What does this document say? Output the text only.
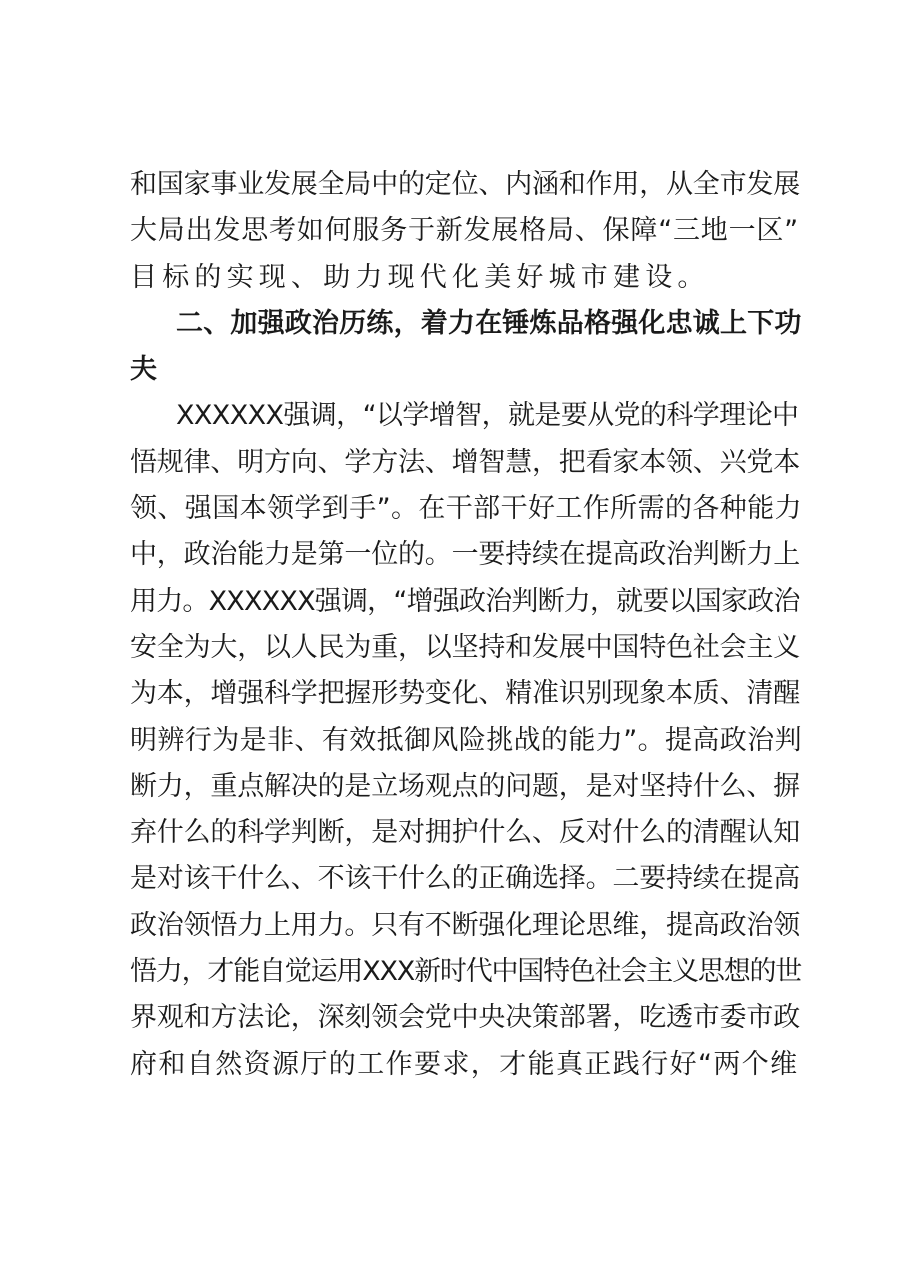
和国家事业发展全局中的定位、内涵和作用，从全市发展
大局出发思考如何服务于新发展格局、保障“三地一区”
目标的实现、助力现代化美好城市建设。
二、加强政治历练，着力在锤炼品格强化忠诚上下功
夫
XXXXXX强调，“以学增智，就是要从党的科学理论中
悟规律、明方向、学方法、增智慧，把看家本领、兴党本
领、强国本领学到手”。在干部干好工作所需的各种能力
中，政治能力是第一位的。一要持续在提高政治判断力上
用力。XXXXXX强调，“增强政治判断力，就要以国家政治
安全为大，以人民为重，以坚持和发展中国特色社会主义
为本，增强科学把握形势变化、精准识别现象本质、清醒
明辨行为是非、有效抵御风险挑战的能力”。提高政治判
断力，重点解决的是立场观点的问题，是对坚持什么、摒
弃什么的科学判断，是对拥护什么、反对什么的清醒认知
是对该干什么、不该干什么的正确选择。二要持续在提高
政治领悟力上用力。只有不断强化理论思维，提高政治领
悟力，才能自觉运用XXX新时代中国特色社会主义思想的世
界观和方法论，深刻领会党中央决策部署，吃透市委市政
府和自然资源厅的工作要求，才能真正践行好“两个维
